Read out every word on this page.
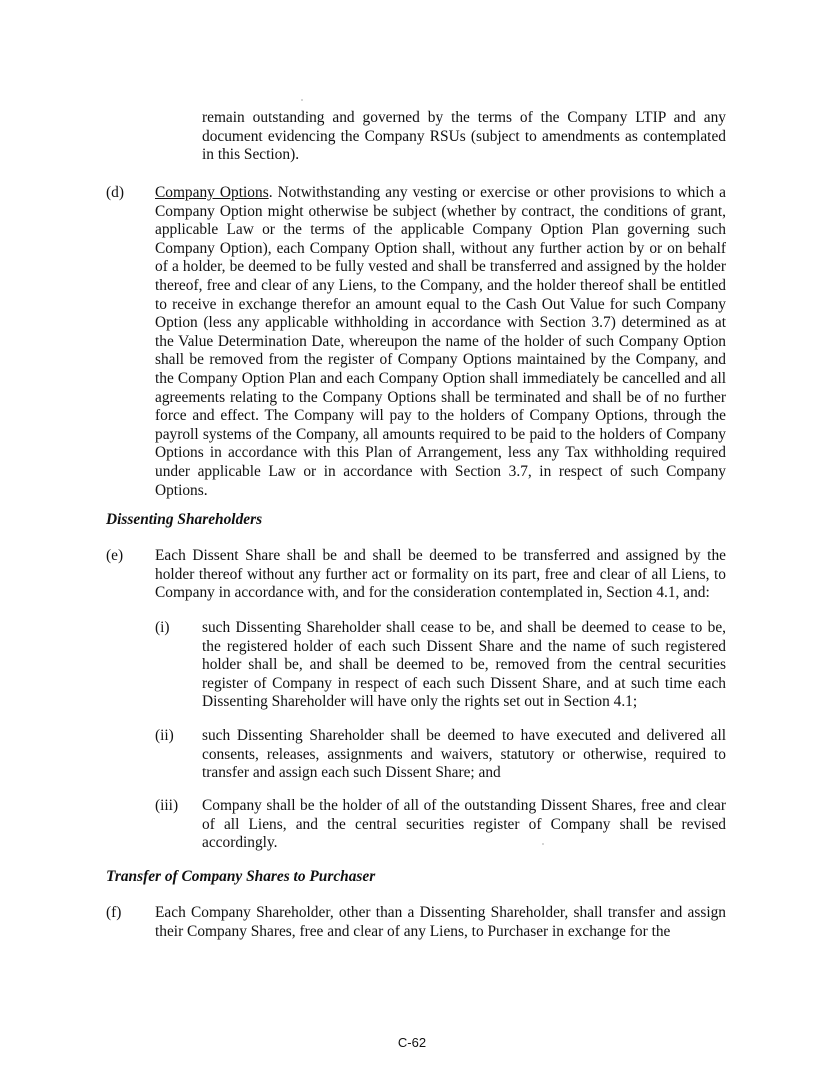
remain outstanding and governed by the terms of the Company LTIP and any document evidencing the Company RSUs (subject to amendments as contemplated in this Section).

(d) Company Options. Notwithstanding any vesting or exercise or other provisions to which a Company Option might otherwise be subject (whether by contract, the conditions of grant, applicable Law or the terms of the applicable Company Option Plan governing such Company Option), each Company Option shall, without any further action by or on behalf of a holder, be deemed to be fully vested and shall be transferred and assigned by the holder thereof, free and clear of any Liens, to the Company, and the holder thereof shall be entitled to receive in exchange therefor an amount equal to the Cash Out Value for such Company Option (less any applicable withholding in accordance with Section 3.7) determined as at the Value Determination Date, whereupon the name of the holder of such Company Option shall be removed from the register of Company Options maintained by the Company, and the Company Option Plan and each Company Option shall immediately be cancelled and all agreements relating to the Company Options shall be terminated and shall be of no further force and effect. The Company will pay to the holders of Company Options, through the payroll systems of the Company, all amounts required to be paid to the holders of Company Options in accordance with this Plan of Arrangement, less any Tax withholding required under applicable Law or in accordance with Section 3.7, in respect of such Company Options.

Dissenting Shareholders
(e) Each Dissent Share shall be and shall be deemed to be transferred and assigned by the holder thereof without any further act or formality on its part, free and clear of all Liens, to Company in accordance with, and for the consideration contemplated in, Section 4.1, and:

(i) such Dissenting Shareholder shall cease to be, and shall be deemed to cease to be, the registered holder of each such Dissent Share and the name of such registered holder shall be, and shall be deemed to be, removed from the central securities register of Company in respect of each such Dissent Share, and at such time each Dissenting Shareholder will have only the rights set out in Section 4.1;

(ii) such Dissenting Shareholder shall be deemed to have executed and delivered all consents, releases, assignments and waivers, statutory or otherwise, required to transfer and assign each such Dissent Share; and

(iii) Company shall be the holder of all of the outstanding Dissent Shares, free and clear of all Liens, and the central securities register of Company shall be revised accordingly.

Transfer of Company Shares to Purchaser
(f) Each Company Shareholder, other than a Dissenting Shareholder, shall transfer and assign their Company Shares, free and clear of any Liens, to Purchaser in exchange for the

C-62
